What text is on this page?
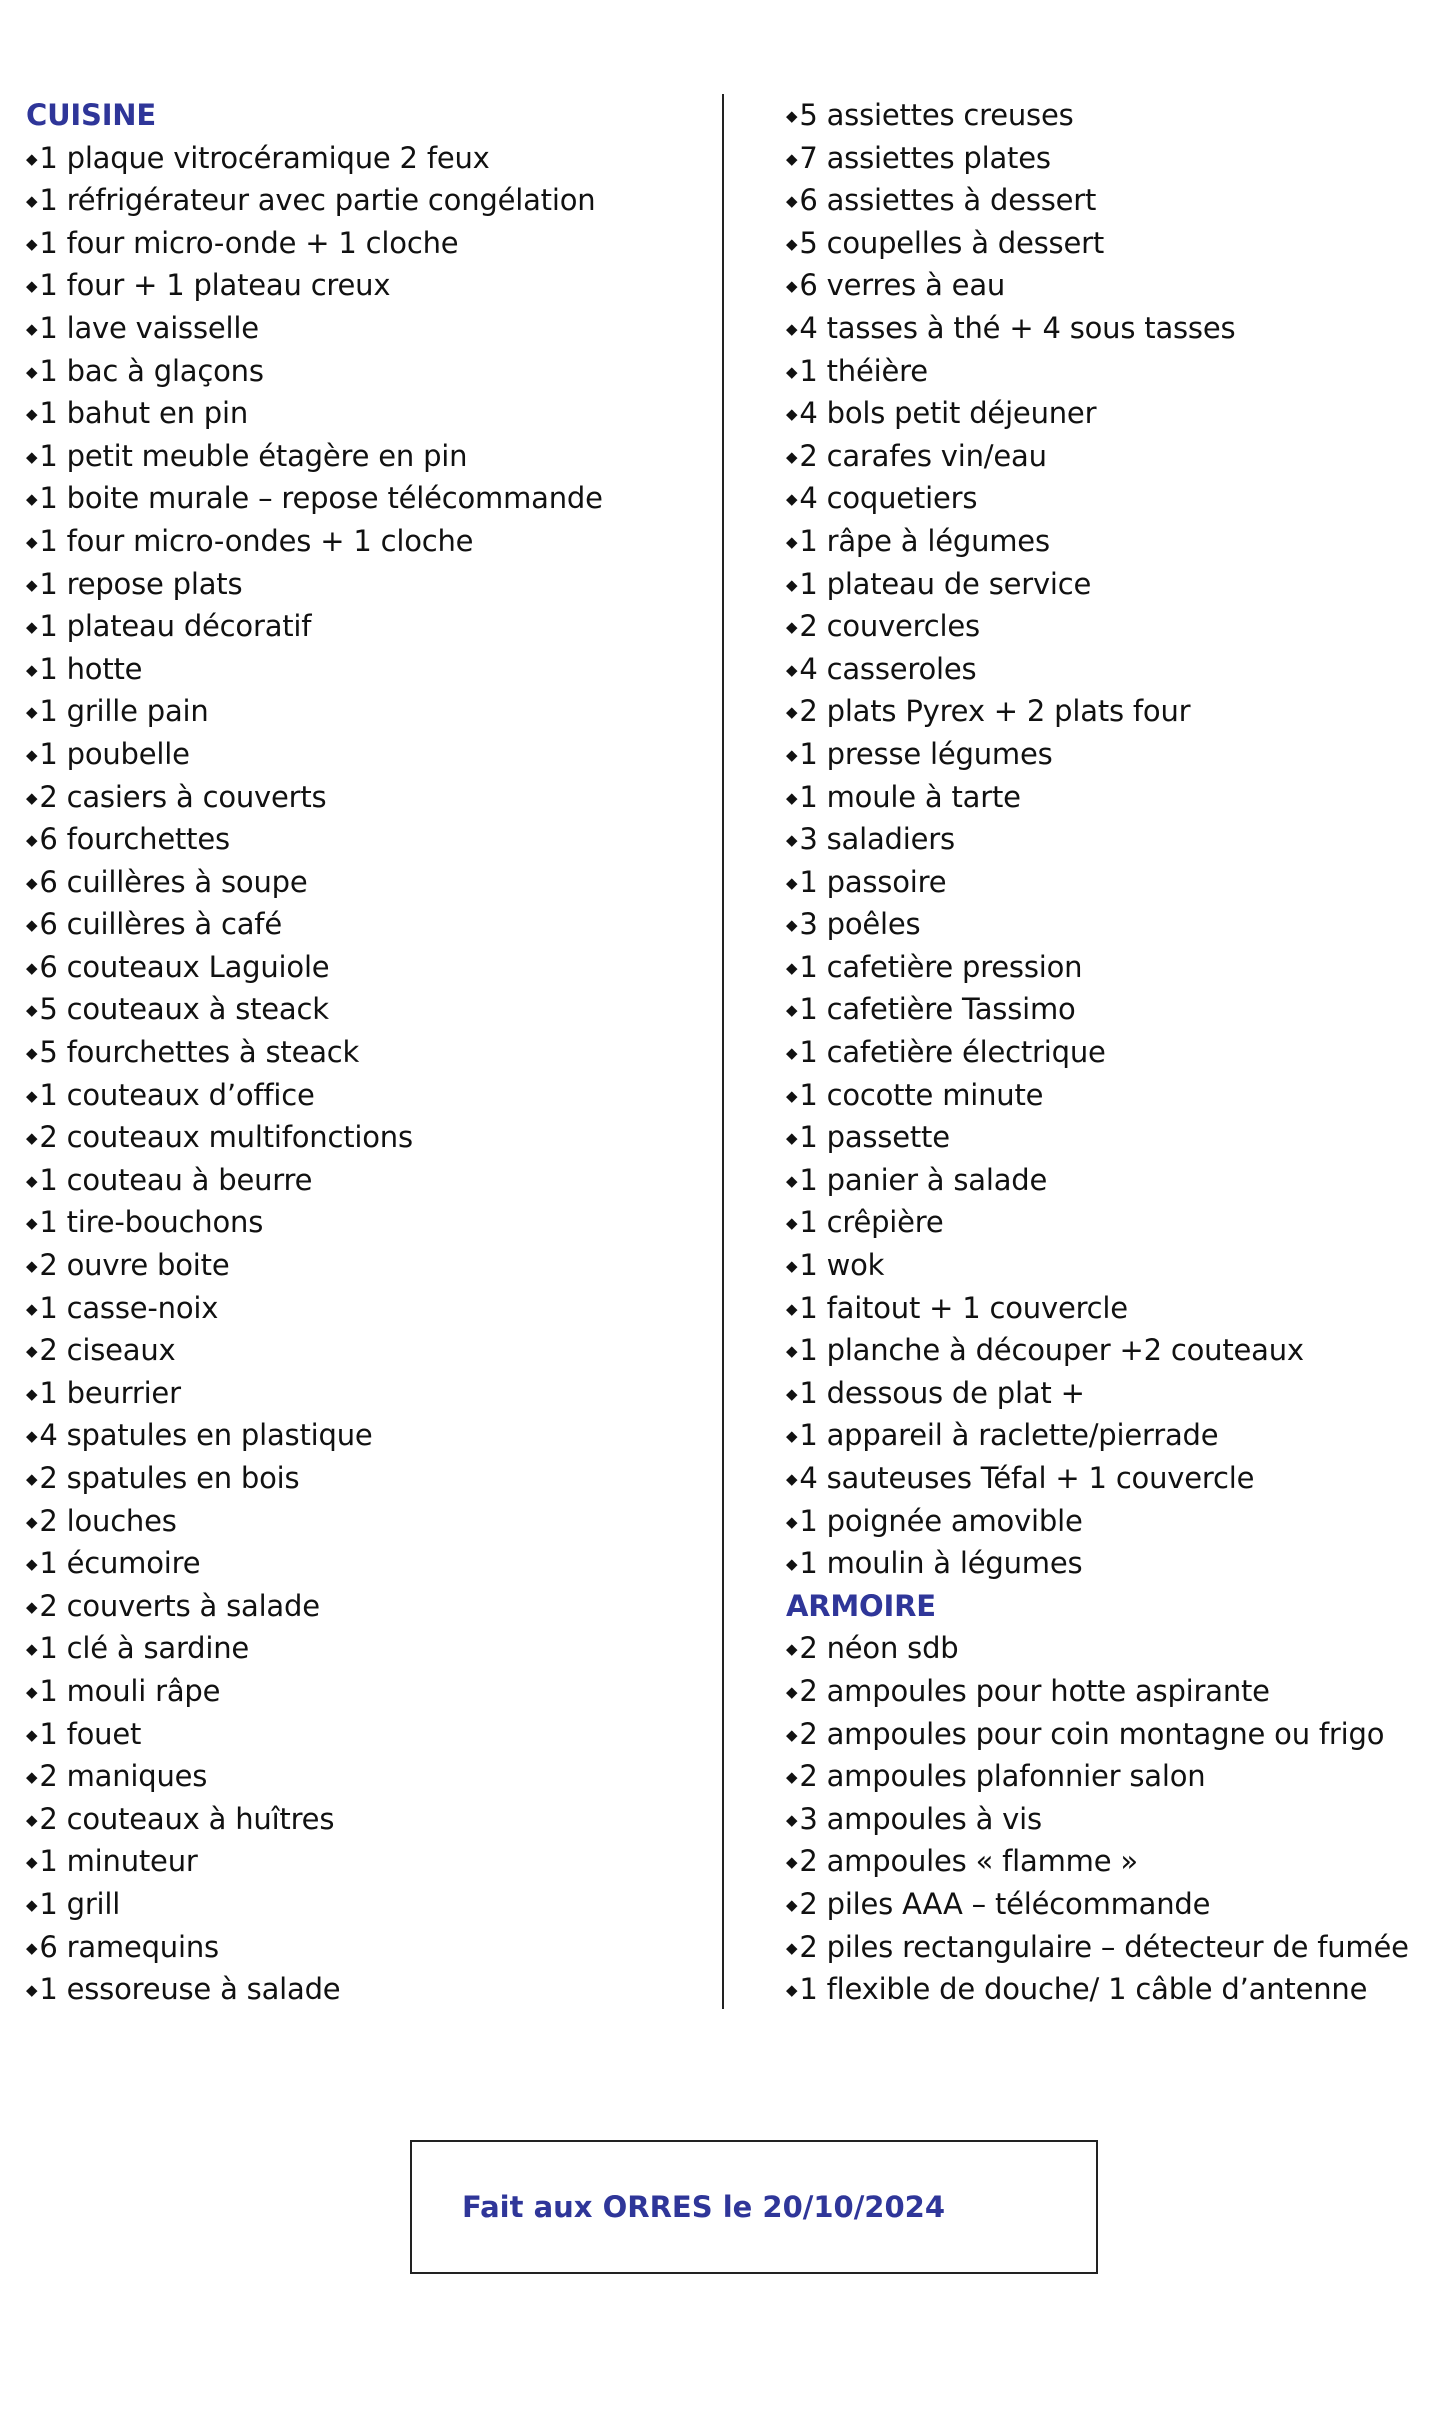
CUISINE
◆1 plaque vitrocéramique 2 feux
◆1 réfrigérateur avec partie congélation
◆1 four micro-onde + 1 cloche
◆1 four + 1 plateau creux
◆1 lave vaisselle
◆1 bac à glaçons
◆1 bahut en pin
◆1 petit meuble étagère en pin
◆1 boite murale – repose télécommande
◆1 four micro-ondes + 1 cloche
◆1 repose plats
◆1 plateau décoratif
◆1 hotte
◆1 grille pain
◆1 poubelle
◆2 casiers à couverts
◆6 fourchettes
◆6 cuillères à soupe
◆6 cuillères à café
◆6 couteaux Laguiole
◆5 couteaux à steack
◆5 fourchettes à steack
◆1 couteaux d’office
◆2 couteaux multifonctions
◆1 couteau à beurre
◆1 tire-bouchons
◆2 ouvre boite
◆1 casse-noix
◆2 ciseaux
◆1 beurrier
◆4 spatules en plastique
◆2 spatules en bois
◆2 louches
◆1 écumoire
◆2 couverts à salade
◆1 clé à sardine
◆1 mouli râpe
◆1 fouet
◆2 maniques
◆2 couteaux à huîtres
◆1 minuteur
◆1 grill
◆6 ramequins
◆1 essoreuse à salade
◆5 assiettes creuses
◆7 assiettes plates
◆6 assiettes à dessert
◆5 coupelles à dessert
◆6 verres à eau
◆4 tasses à thé + 4 sous tasses
◆1 théière
◆4 bols petit déjeuner
◆2 carafes vin/eau
◆4 coquetiers
◆1 râpe à légumes
◆1 plateau de service
◆2 couvercles
◆4 casseroles
◆2 plats Pyrex + 2 plats four
◆1 presse légumes
◆1 moule à tarte
◆3 saladiers
◆1 passoire
◆3 poêles
◆1 cafetière pression
◆1 cafetière Tassimo
◆1 cafetière électrique
◆1 cocotte minute
◆1 passette
◆1 panier à salade
◆1 crêpière
◆1 wok
◆1 faitout + 1 couvercle
◆1 planche à découper +2 couteaux
◆1 dessous de plat +
◆1 appareil à raclette/pierrade
◆4 sauteuses Téfal + 1 couvercle
◆1 poignée amovible
◆1 moulin à légumes
ARMOIRE
◆2 néon sdb
◆2 ampoules pour hotte aspirante
◆2 ampoules pour coin montagne ou frigo
◆2 ampoules plafonnier salon
◆3 ampoules à vis
◆2 ampoules « flamme »
◆2 piles AAA – télécommande
◆2 piles rectangulaire – détecteur de fumée
◆1 flexible de douche/ 1 câble d’antenne
Fait aux ORRES le 20/10/2024
